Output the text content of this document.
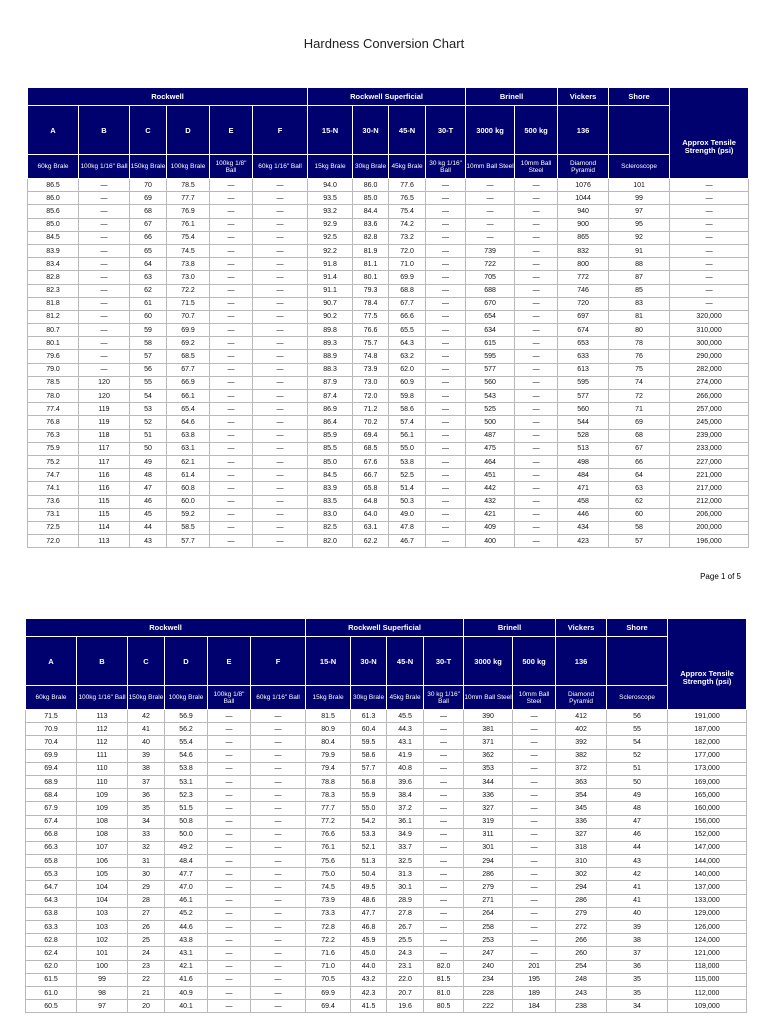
Hardness Conversion Chart
Rockwell						Rockwell Superficial				Brinell		Vickers	Shore	Approx Tensile Strength (psi)
A	B	C	D	E	F	15-N	30-N	45-N	30-T	3000 kg	500 kg	136		
60kg Brale	100kg 1/16" Ball	150kg Brale	100kg Brale	100kg 1/8" Ball	60kg 1/16" Ball	15kg Brale	30kg Brale	45kg Brale	30 kg 1/16" Ball	10mm Ball Steel	10mm Ball Steel	Diamond Pyramid	Scleroscope	
86.5	—	70	78.5	—	—	94.0	86.0	77.6	—	—	—	1076	101	—
86.0	—	69	77.7	—	—	93.5	85.0	76.5	—	—	—	1044	99	—
85.6	—	68	76.9	—	—	93.2	84.4	75.4	—	—	—	940	97	—
85.0	—	67	76.1	—	—	92.9	83.6	74.2	—	—	—	900	95	—
84.5	—	66	75.4	—	—	92.5	82.8	73.2	—	—	—	865	92	—
83.9	—	65	74.5	—	—	92.2	81.9	72.0	—	739	—	832	91	—
83.4	—	64	73.8	—	—	91.8	81.1	71.0	—	722	—	800	88	—
82.8	—	63	73.0	—	—	91.4	80.1	69.9	—	705	—	772	87	—
82.3	—	62	72.2	—	—	91.1	79.3	68.8	—	688	—	746	85	—
81.8	—	61	71.5	—	—	90.7	78.4	67.7	—	670	—	720	83	—
81.2	—	60	70.7	—	—	90.2	77.5	66.6	—	654	—	697	81	320,000
80.7	—	59	69.9	—	—	89.8	76.6	65.5	—	634	—	674	80	310,000
80.1	—	58	69.2	—	—	89.3	75.7	64.3	—	615	—	653	78	300,000
79.6	—	57	68.5	—	—	88.9	74.8	63.2	—	595	—	633	76	290,000
79.0	—	56	67.7	—	—	88.3	73.9	62.0	—	577	—	613	75	282,000
78.5	120	55	66.9	—	—	87.9	73.0	60.9	—	560	—	595	74	274,000
78.0	120	54	66.1	—	—	87.4	72.0	59.8	—	543	—	577	72	266,000
77.4	119	53	65.4	—	—	86.9	71.2	58.6	—	525	—	560	71	257,000
76.8	119	52	64.6	—	—	86.4	70.2	57.4	—	500	—	544	69	245,000
76.3	118	51	63.8	—	—	85.9	69.4	56.1	—	487	—	528	68	239,000
75.9	117	50	63.1	—	—	85.5	68.5	55.0	—	475	—	513	67	233,000
75.2	117	49	62.1	—	—	85.0	67.6	53.8	—	464	—	498	66	227,000
74.7	116	48	61.4	—	—	84.5	66.7	52.5	—	451	—	484	64	221,000
74.1	116	47	60.8	—	—	83.9	65.8	51.4	—	442	—	471	63	217,000
73.6	115	46	60.0	—	—	83.5	64.8	50.3	—	432	—	458	62	212,000
73.1	115	45	59.2	—	—	83.0	64.0	49.0	—	421	—	446	60	206,000
72.5	114	44	58.5	—	—	82.5	63.1	47.8	—	409	—	434	58	200,000
72.0	113	43	57.7	—	—	82.0	62.2	46.7	—	400	—	423	57	196,000
Page 1 of 5
Rockwell						Rockwell Superficial				Brinell		Vickers	Shore	Approx Tensile Strength (psi)
A	B	C	D	E	F	15-N	30-N	45-N	30-T	3000 kg	500 kg	136		
60kg Brale	100kg 1/16" Ball	150kg Brale	100kg Brale	100kg 1/8" Ball	60kg 1/16" Ball	15kg Brale	30kg Brale	45kg Brale	30 kg 1/16" Ball	10mm Ball Steel	10mm Ball Steel	Diamond Pyramid	Scleroscope	
71.5	113	42	56.9	—	—	81.5	61.3	45.5	—	390	—	412	56	191,000
70.9	112	41	56.2	—	—	80.9	60.4	44.3	—	381	—	402	55	187,000
70.4	112	40	55.4	—	—	80.4	59.5	43.1	—	371	—	392	54	182,000
69.9	111	39	54.6	—	—	79.9	58.6	41.9	—	362	—	382	52	177,000
69.4	110	38	53.8	—	—	79.4	57.7	40.8	—	353	—	372	51	173,000
68.9	110	37	53.1	—	—	78.8	56.8	39.6	—	344	—	363	50	169,000
68.4	109	36	52.3	—	—	78.3	55.9	38.4	—	336	—	354	49	165,000
67.9	109	35	51.5	—	—	77.7	55.0	37.2	—	327	—	345	48	160,000
67.4	108	34	50.8	—	—	77.2	54.2	36.1	—	319	—	336	47	156,000
66.8	108	33	50.0	—	—	76.6	53.3	34.9	—	311	—	327	46	152,000
66.3	107	32	49.2	—	—	76.1	52.1	33.7	—	301	—	318	44	147,000
65.8	106	31	48.4	—	—	75.6	51.3	32.5	—	294	—	310	43	144,000
65.3	105	30	47.7	—	—	75.0	50.4	31.3	—	286	—	302	42	140,000
64.7	104	29	47.0	—	—	74.5	49.5	30.1	—	279	—	294	41	137,000
64.3	104	28	46.1	—	—	73.9	48.6	28.9	—	271	—	286	41	133,000
63.8	103	27	45.2	—	—	73.3	47.7	27.8	—	264	—	279	40	129,000
63.3	103	26	44.6	—	—	72.8	46.8	26.7	—	258	—	272	39	126,000
62.8	102	25	43.8	—	—	72.2	45.9	25.5	—	253	—	266	38	124,000
62.4	101	24	43.1	—	—	71.6	45.0	24.3	—	247	—	260	37	121,000
62.0	100	23	42.1	—	—	71.0	44.0	23.1	82.0	240	201	254	36	118,000
61.5	99	22	41.6	—	—	70.5	43.2	22.0	81.5	234	195	248	35	115,000
61.0	98	21	40.9	—	—	69.9	42.3	20.7	81.0	228	189	243	35	112,000
60.5	97	20	40.1	—	—	69.4	41.5	19.6	80.5	222	184	238	34	109,000
